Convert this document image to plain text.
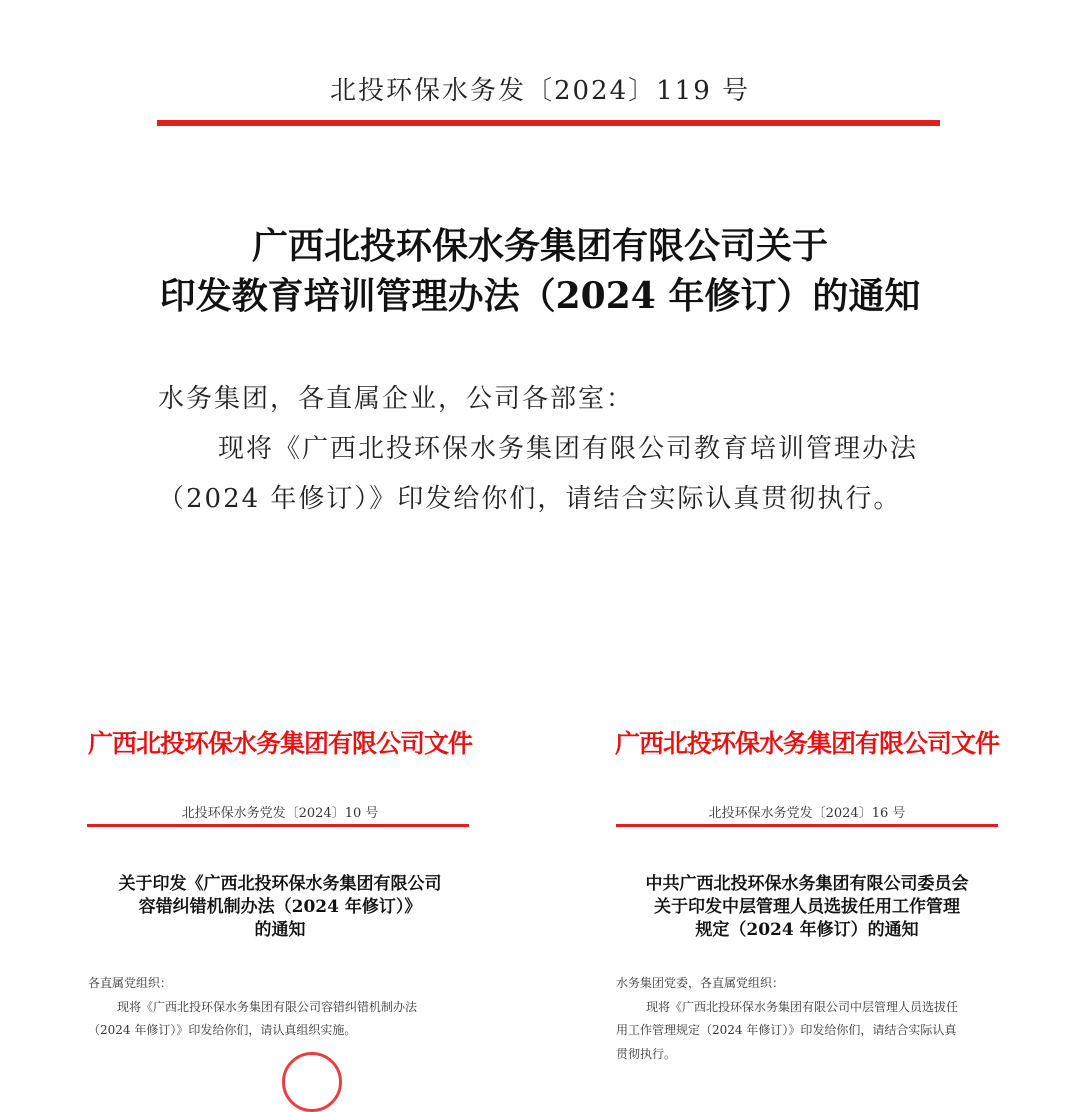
北投环保水务发〔2024〕119 号
广西北投环保水务集团有限公司关于
印发教育培训管理办法（2024 年修订）的通知
水务集团，各直属企业，公司各部室：
现将《广西北投环保水务集团有限公司教育培训管理办法
（2024 年修订）》印发给你们，请结合实际认真贯彻执行。
广西北投环保水务集团有限公司文件
北投环保水务党发〔2024〕10 号
关于印发《广西北投环保水务集团有限公司
容错纠错机制办法（2024 年修订）》
的通知
各直属党组织：
现将《广西北投环保水务集团有限公司容错纠错机制办法
（2024 年修订）》印发给你们，请认真组织实施。
广西北投环保水务集团有限公司文件
北投环保水务党发〔2024〕16 号
中共广西北投环保水务集团有限公司委员会
关于印发中层管理人员选拔任用工作管理
规定（2024 年修订）的通知
水务集团党委，各直属党组织：
现将《广西北投环保水务集团有限公司中层管理人员选拔任
用工作管理规定（2024 年修订）》印发给你们，请结合实际认真
贯彻执行。
